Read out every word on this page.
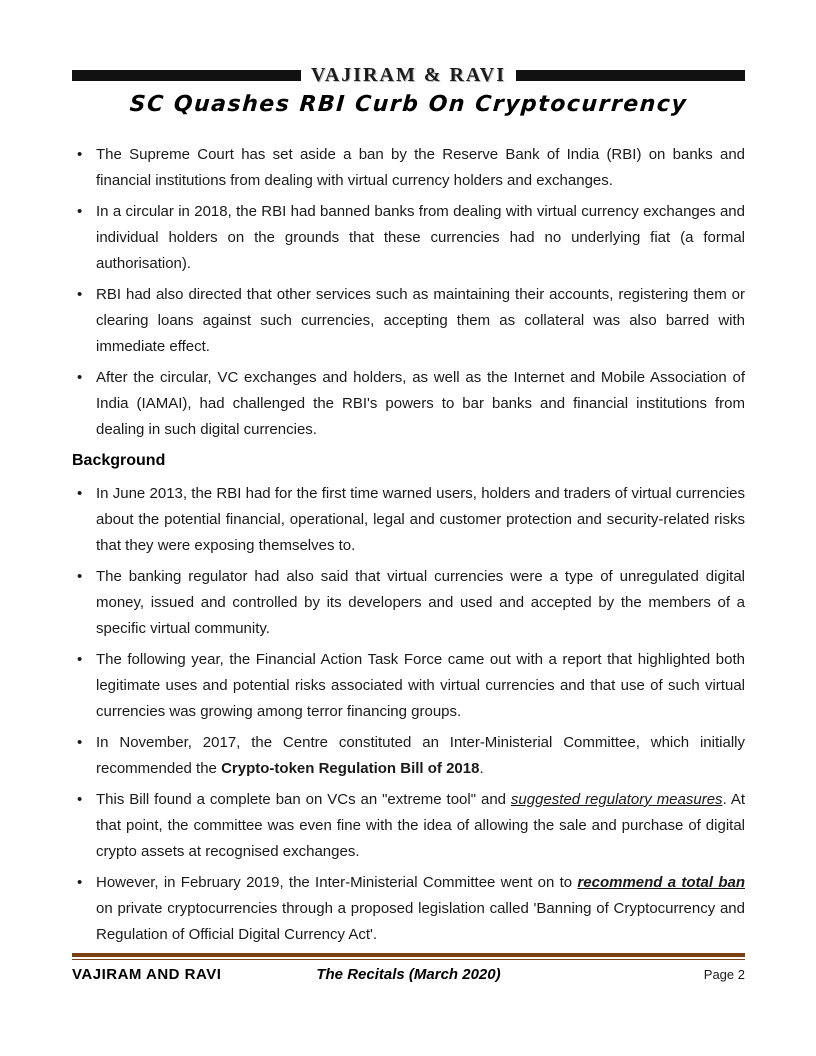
VAJIRAM & RAVI
SC Quashes RBI Curb On Cryptocurrency
• The Supreme Court has set aside a ban by the Reserve Bank of India (RBI) on banks and financial institutions from dealing with virtual currency holders and exchanges.
• In a circular in 2018, the RBI had banned banks from dealing with virtual currency exchanges and individual holders on the grounds that these currencies had no underlying fiat (a formal authorisation).
• RBI had also directed that other services such as maintaining their accounts, registering them or clearing loans against such currencies, accepting them as collateral was also barred with immediate effect.
• After the circular, VC exchanges and holders, as well as the Internet and Mobile Association of India (IAMAI), had challenged the RBI's powers to bar banks and financial institutions from dealing in such digital currencies.
Background
• In June 2013, the RBI had for the first time warned users, holders and traders of virtual currencies about the potential financial, operational, legal and customer protection and security-related risks that they were exposing themselves to.
• The banking regulator had also said that virtual currencies were a type of unregulated digital money, issued and controlled by its developers and used and accepted by the members of a specific virtual community.
• The following year, the Financial Action Task Force came out with a report that highlighted both legitimate uses and potential risks associated with virtual currencies and that use of such virtual currencies was growing among terror financing groups.
• In November, 2017, the Centre constituted an Inter-Ministerial Committee, which initially recommended the Crypto-token Regulation Bill of 2018.
• This Bill found a complete ban on VCs an "extreme tool" and suggested regulatory measures. At that point, the committee was even fine with the idea of allowing the sale and purchase of digital crypto assets at recognised exchanges.
• However, in February 2019, the Inter-Ministerial Committee went on to recommend a total ban on private cryptocurrencies through a proposed legislation called 'Banning of Cryptocurrency and Regulation of Official Digital Currency Act'.
VAJIRAM AND RAVI	The Recitals (March 2020)	Page 2
